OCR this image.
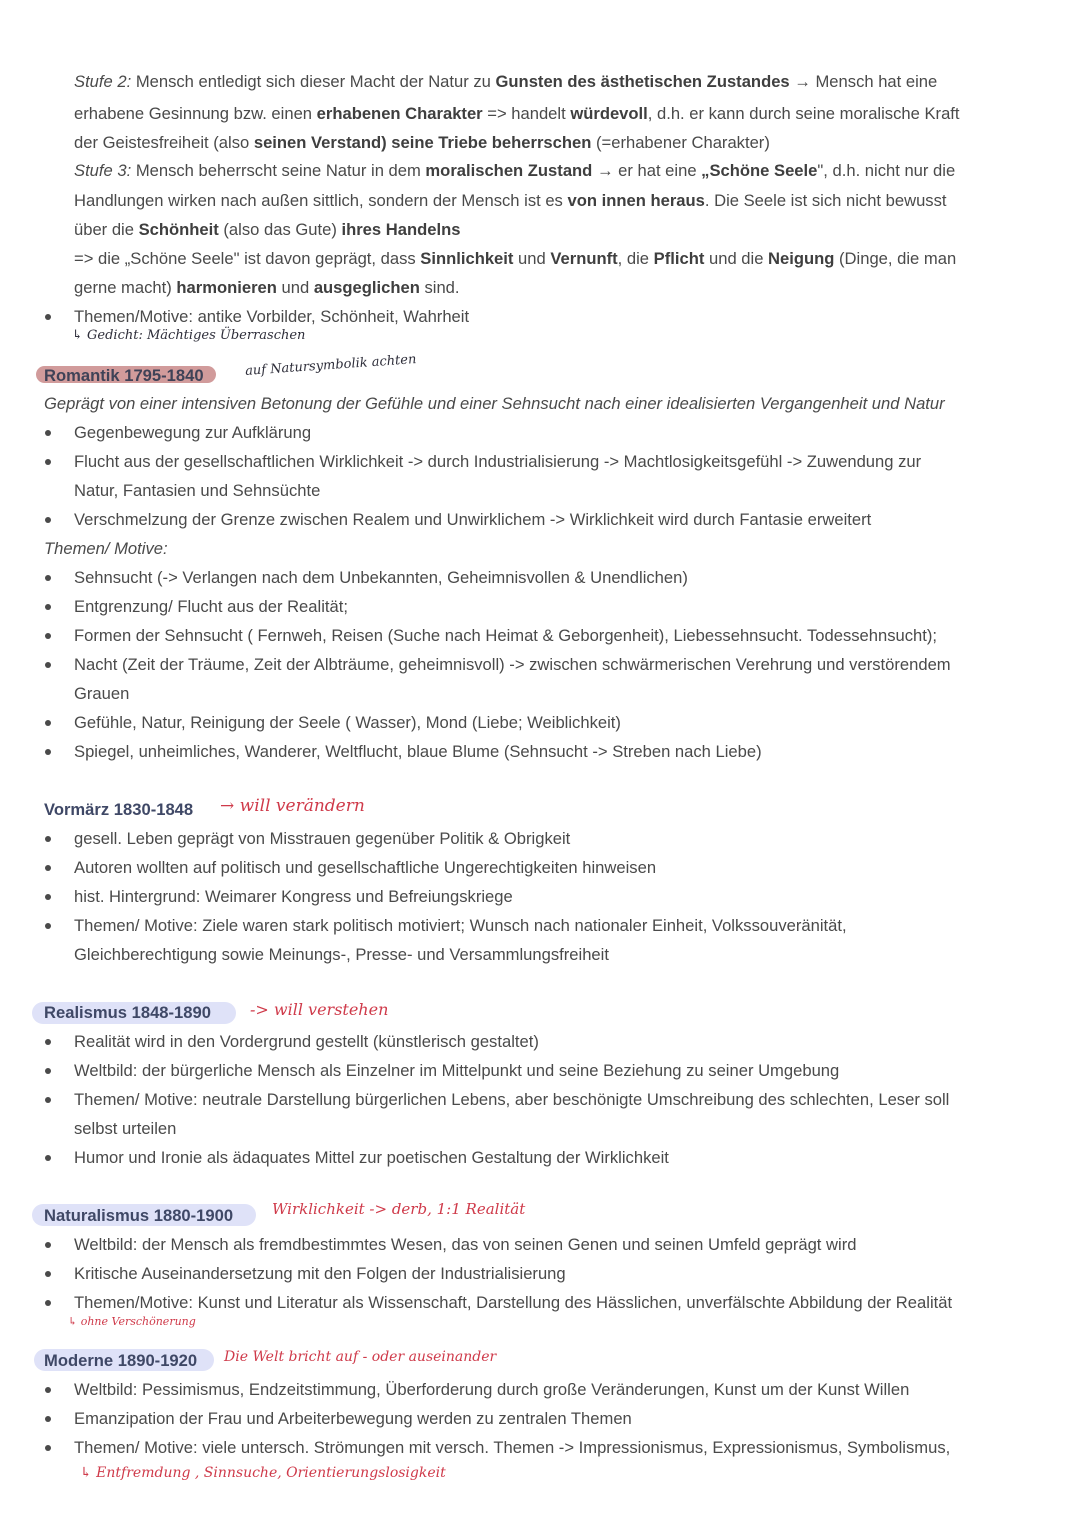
Stufe 2: Mensch entledigt sich dieser Macht der Natur zu Gunsten des ästhetischen Zustandes → Mensch hat eine
erhabene Gesinnung bzw. einen erhabenen Charakter => handelt würdevoll, d.h. er kann durch seine moralische Kraft
der Geistesfreiheit (also seinen Verstand) seine Triebe beherrschen (=erhabener Charakter)
Stufe 3: Mensch beherrscht seine Natur in dem moralischen Zustand → er hat eine „Schöne Seele", d.h. nicht nur die
Handlungen wirken nach außen sittlich, sondern der Mensch ist es von innen heraus. Die Seele ist sich nicht bewusst
über die Schönheit (also das Gute) ihres Handelns
=> die „Schöne Seele" ist davon geprägt, dass Sinnlichkeit und Vernunft, die Pflicht und die Neigung (Dinge, die man
gerne macht) harmonieren und ausgeglichen sind.
Themen/Motive: antike Vorbilder, Schönheit, Wahrheit
↳ Gedicht: Mächtiges Überraschen
Romantik 1795-1840	auf Natursymbolik achten
Geprägt von einer intensiven Betonung der Gefühle und einer Sehnsucht nach einer idealisierten Vergangenheit und Natur
Gegenbewegung zur Aufklärung
Flucht aus der gesellschaftlichen Wirklichkeit -> durch Industrialisierung -> Machtlosigkeitsgefühl -> Zuwendung zur
Natur, Fantasien und Sehnsüchte
Verschmelzung der Grenze zwischen Realem und Unwirklichem -> Wirklichkeit wird durch Fantasie erweitert
Themen/ Motive:
Sehnsucht (-> Verlangen nach dem Unbekannten, Geheimnisvollen & Unendlichen)
Entgrenzung/ Flucht aus der Realität;
Formen der Sehnsucht ( Fernweh, Reisen (Suche nach Heimat & Geborgenheit), Liebessehnsucht. Todessehnsucht);
Nacht (Zeit der Träume, Zeit der Albträume, geheimnisvoll) -> zwischen schwärmerischen Verehrung und verstörendem
Grauen
Gefühle, Natur, Reinigung der Seele ( Wasser), Mond (Liebe; Weiblichkeit)
Spiegel, unheimliches, Wanderer, Weltflucht, blaue Blume (Sehnsucht -> Streben nach Liebe)
Vormärz 1830-1848 → will verändern
gesell. Leben geprägt von Misstrauen gegenüber Politik & Obrigkeit
Autoren wollten auf politisch und gesellschaftliche Ungerechtigkeiten hinweisen
hist. Hintergrund: Weimarer Kongress und Befreiungskriege
Themen/ Motive: Ziele waren stark politisch motiviert; Wunsch nach nationaler Einheit, Volkssouveränität,
Gleichberechtigung sowie Meinungs-, Presse- und Versammlungsfreiheit
Realismus 1848-1890 -> will verstehen
Realität wird in den Vordergrund gestellt (künstlerisch gestaltet)
Weltbild: der bürgerliche Mensch als Einzelner im Mittelpunkt und seine Beziehung zu seiner Umgebung
Themen/ Motive: neutrale Darstellung bürgerlichen Lebens, aber beschönigte Umschreibung des schlechten, Leser soll
selbst urteilen
Humor und Ironie als ädaquates Mittel zur poetischen Gestaltung der Wirklichkeit
Naturalismus 1880-1900	Wirklichkeit -> derb, 1:1 Realität
Weltbild: der Mensch als fremdbestimmtes Wesen, das von seinen Genen und seinen Umfeld geprägt wird
Kritische Auseinandersetzung mit den Folgen der Industrialisierung
Themen/Motive: Kunst und Literatur als Wissenschaft, Darstellung des Hässlichen, unverfälschte Abbildung der Realität
↳ ohne Verschönerung
Moderne 1890-1920 Die Welt bricht auf - oder auseinander
Weltbild: Pessimismus, Endzeitstimmung, Überforderung durch große Veränderungen, Kunst um der Kunst Willen
Emanzipation der Frau und Arbeiterbewegung werden zu zentralen Themen
Themen/ Motive: viele untersch. Strömungen mit versch. Themen -> Impressionismus, Expressionismus, Symbolismus,
↳ Entfremdung , Sinnsuche, Orientierungslosigkeit
